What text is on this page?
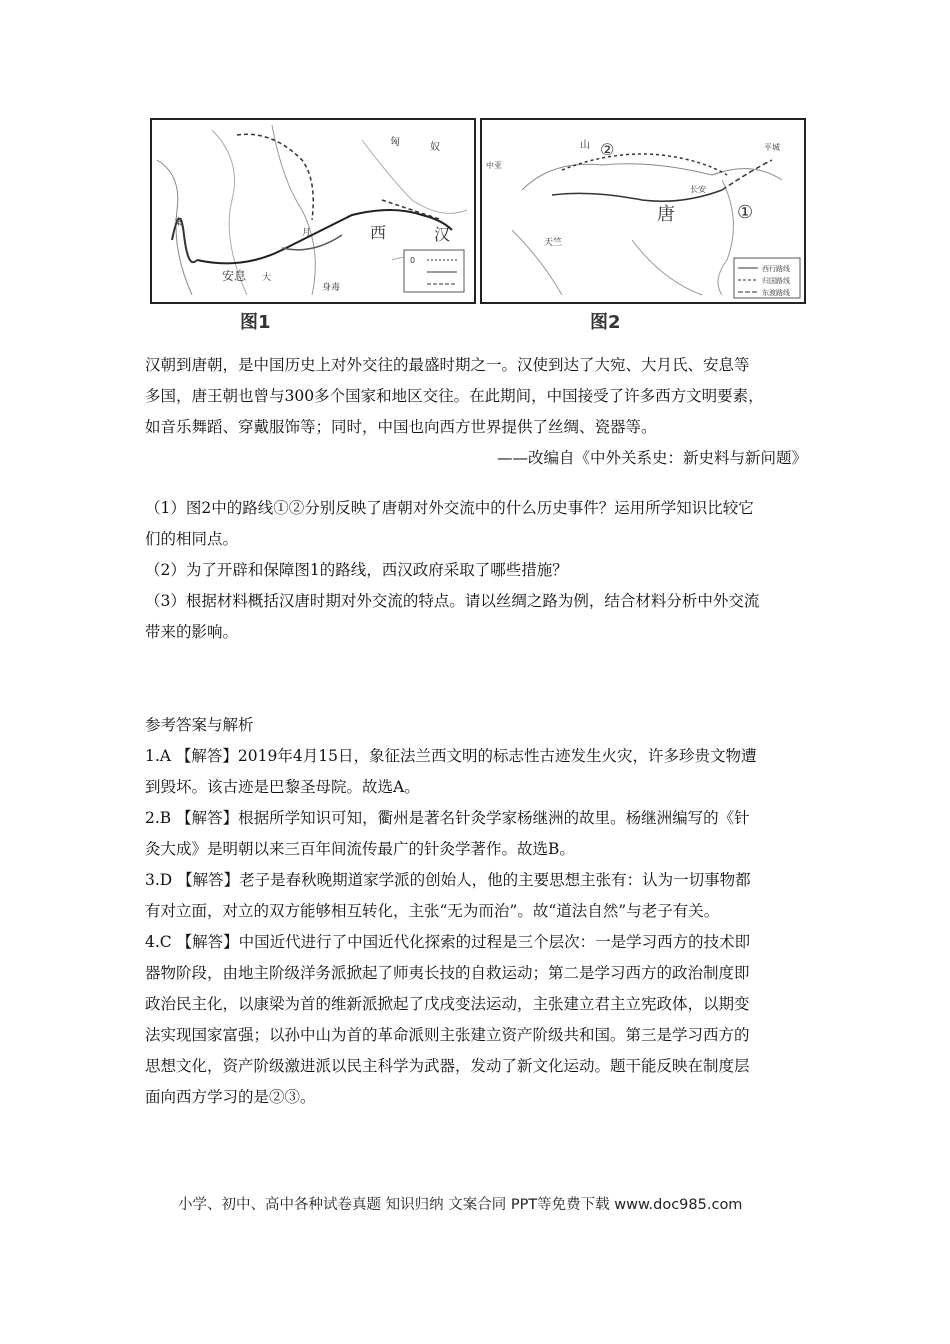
匈	奴
西	汉
安息 大
秦
月
身毒
0
山 ②
唐	①
长安
天竺
中亚
平城
西行路线
归国路线
东渡路线
图1	图2

汉朝到唐朝，是中国历史上对外交往的最盛时期之一。汉使到达了大宛、大月氏、安息等

多国，唐王朝也曾与300多个国家和地区交往。在此期间，中国接受了许多西方文明要素，

如音乐舞蹈、穿戴服饰等；同时，中国也向西方世界提供了丝绸、瓷器等。

——改编自《中外关系史：新史料与新问题》

（1）图2中的路线①②分别反映了唐朝对外交流中的什么历史事件？运用所学知识比较它

们的相同点。

（2）为了开辟和保障图1的路线，西汉政府采取了哪些措施？

（3）根据材料概括汉唐时期对外交流的特点。请以丝绸之路为例，结合材料分析中外交流

带来的影响。

参考答案与解析

1.A 【解答】2019年4月15日，象征法兰西文明的标志性古迹发生火灾，许多珍贵文物遭

到毁坏。该古迹是巴黎圣母院。故选A。

2.B 【解答】根据所学知识可知，衢州是著名针灸学家杨继洲的故里。杨继洲编写的《针

灸大成》是明朝以来三百年间流传最广的针灸学著作。故选B。

3.D 【解答】老子是春秋晚期道家学派的创始人，他的主要思想主张有：认为一切事物都

有对立面，对立的双方能够相互转化，主张“无为而治”。故“道法自然”与老子有关。

4.C 【解答】中国近代进行了中国近代化探索的过程是三个层次：一是学习西方的技术即

器物阶段，由地主阶级洋务派掀起了师夷长技的自救运动；第二是学习西方的政治制度即

政治民主化，以康梁为首的维新派掀起了戊戌变法运动，主张建立君主立宪政体，以期变

法实现国家富强；以孙中山为首的革命派则主张建立资产阶级共和国。第三是学习西方的

思想文化，资产阶级激进派以民主科学为武器，发动了新文化运动。题干能反映在制度层

面向西方学习的是②③。

小学、初中、高中各种试卷真题 知识归纳 文案合同 PPT等免费下载 www.doc985.com
